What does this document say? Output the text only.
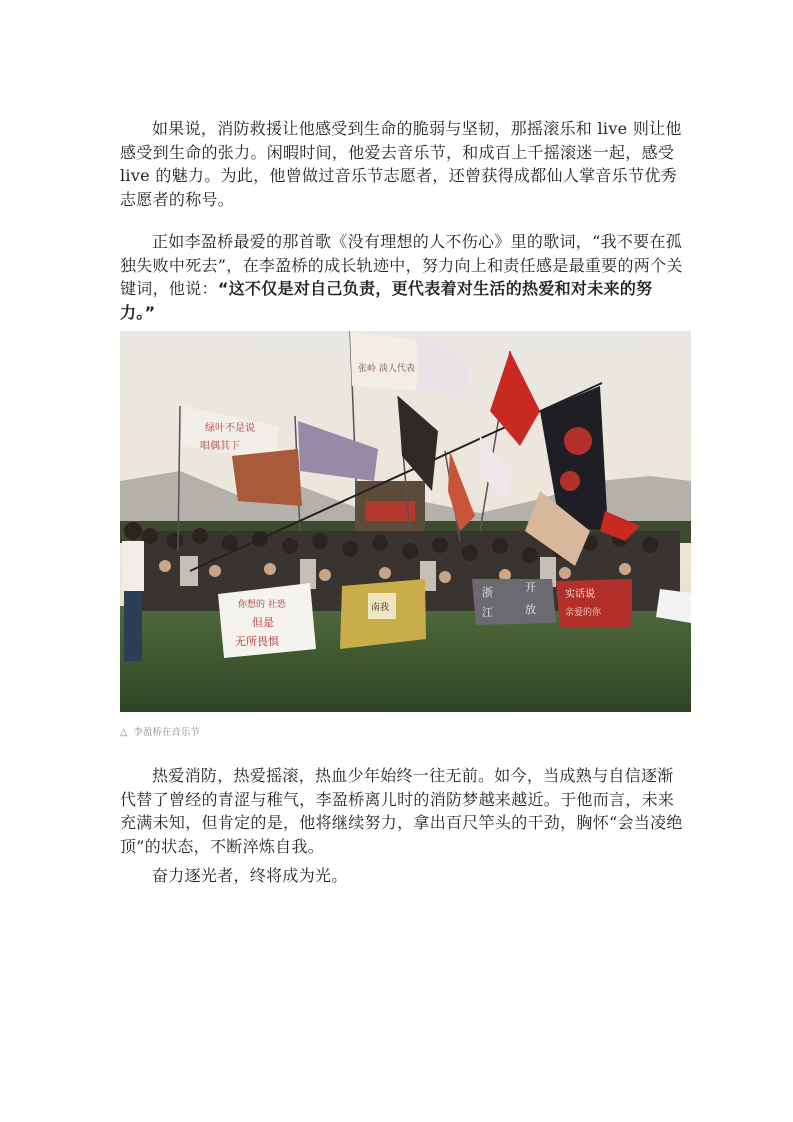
如果说，消防救援让他感受到生命的脆弱与坚韧，那摇滚乐和 live 则让他感受到生命的张力。闲暇时间，他爱去音乐节，和成百上千摇滚迷一起，感受 live 的魅力。为此，他曾做过音乐节志愿者，还曾获得成都仙人掌音乐节优秀志愿者的称号。

正如李盈桥最爱的那首歌《没有理想的人不伤心》里的歌词，“我不要在孤独失败中死去”，在李盈桥的成长轨迹中，努力向上和责任感是最重要的两个关键词，他说：“这不仅是对自己负责，更代表着对生活的热爱和对未来的努力。”

绿叶不是说
唱偶其下
张岭 淡人代表
你想的 社恐
但是
无所畏惧
南我
浙
江
开
放
实话说
亲爱的你
△ 李盈桥在音乐节

热爱消防，热爱摇滚，热血少年始终一往无前。如今，当成熟与自信逐渐代替了曾经的青涩与稚气，李盈桥离儿时的消防梦越来越近。于他而言，未来充满未知，但肯定的是，他将继续努力，拿出百尺竿头的干劲，胸怀“会当凌绝顶”的状态，不断淬炼自我。

奋力逐光者，终将成为光。
